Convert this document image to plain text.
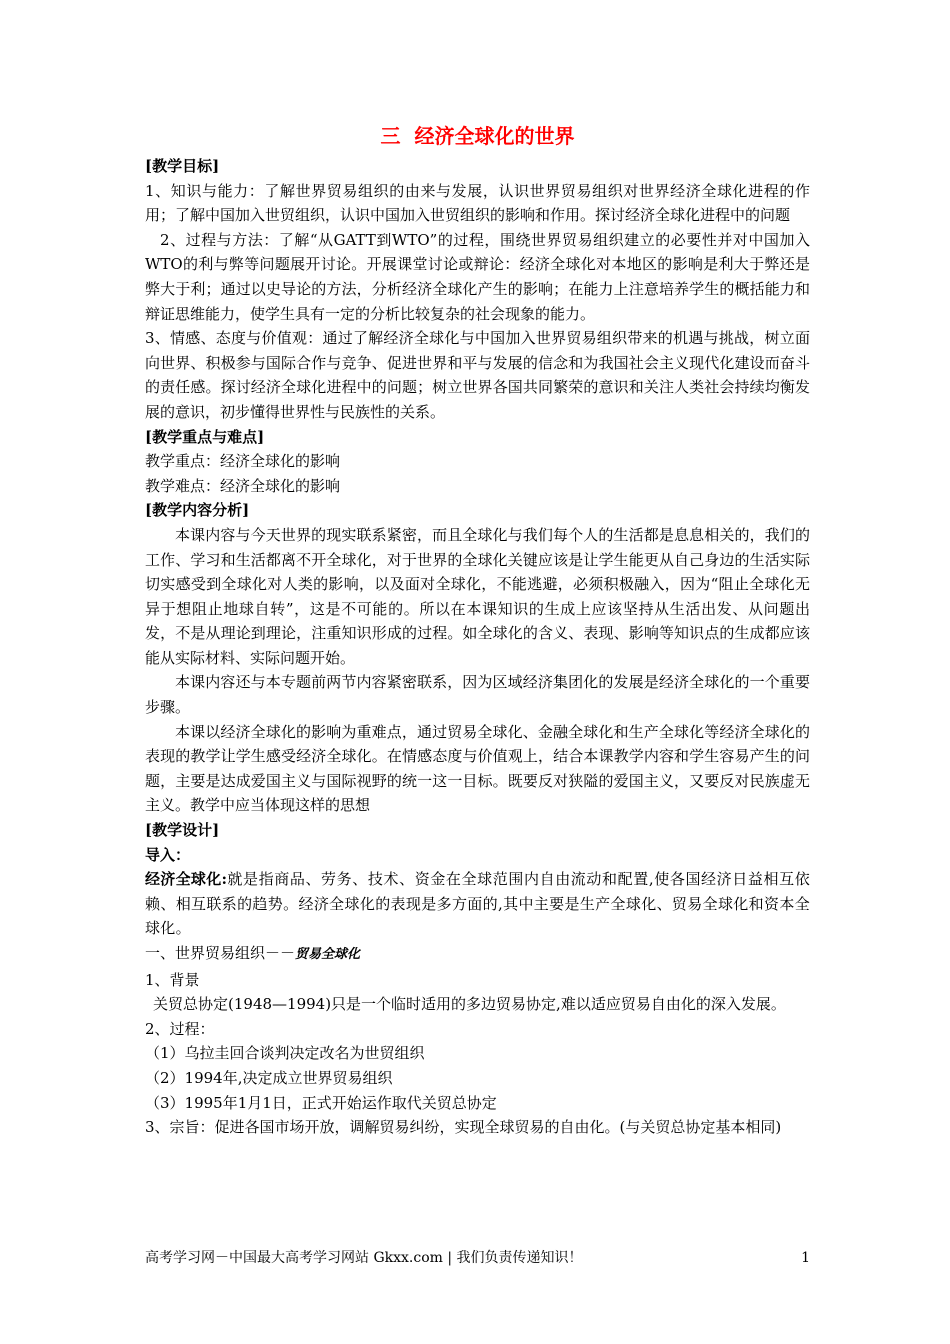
三 经济全球化的世界

[教学目标]

1、知识与能力：了解世界贸易组织的由来与发展，认识世界贸易组织对世界经济全球化进程的作用；了解中国加入世贸组织，认识中国加入世贸组织的影响和作用。探讨经济全球化进程中的问题

2、过程与方法：了解“从GATT到WTO”的过程，围绕世界贸易组织建立的必要性并对中国加入WTO的利与弊等问题展开讨论。开展课堂讨论或辩论：经济全球化对本地区的影响是利大于弊还是弊大于利；通过以史导论的方法，分析经济全球化产生的影响；在能力上注意培养学生的概括能力和辩证思维能力，使学生具有一定的分析比较复杂的社会现象的能力。

3、情感、态度与价值观：通过了解经济全球化与中国加入世界贸易组织带来的机遇与挑战，树立面向世界、积极参与国际合作与竞争、促进世界和平与发展的信念和为我国社会主义现代化建设而奋斗的责任感。探讨经济全球化进程中的问题；树立世界各国共同繁荣的意识和关注人类社会持续均衡发展的意识，初步懂得世界性与民族性的关系。

[教学重点与难点]

教学重点：经济全球化的影响

教学难点：经济全球化的影响

[教学内容分析]

本课内容与今天世界的现实联系紧密，而且全球化与我们每个人的生活都是息息相关的，我们的工作、学习和生活都离不开全球化，对于世界的全球化关键应该是让学生能更从自己身边的生活实际切实感受到全球化对人类的影响，以及面对全球化，不能逃避，必须积极融入，因为“阻止全球化无异于想阻止地球自转”，这是不可能的。所以在本课知识的生成上应该坚持从生活出发、从问题出发，不是从理论到理论，注重知识形成的过程。如全球化的含义、表现、影响等知识点的生成都应该能从实际材料、实际问题开始。

本课内容还与本专题前两节内容紧密联系，因为区域经济集团化的发展是经济全球化的一个重要步骤。

本课以经济全球化的影响为重难点，通过贸易全球化、金融全球化和生产全球化等经济全球化的表现的教学让学生感受经济全球化。在情感态度与价值观上，结合本课教学内容和学生容易产生的问题，主要是达成爱国主义与国际视野的统一这一目标。既要反对狭隘的爱国主义，又要反对民族虚无主义。教学中应当体现这样的思想

[教学设计]

导入：

经济全球化:就是指商品、劳务、技术、资金在全球范围内自由流动和配置,使各国经济日益相互依赖、相互联系的趋势。经济全球化的表现是多方面的,其中主要是生产全球化、贸易全球化和资本全球化。

一、世界贸易组织－－贸易全球化

1、背景

关贸总协定(1948—1994)只是一个临时适用的多边贸易协定,难以适应贸易自由化的深入发展。

2、过程：

（1）乌拉圭回合谈判决定改名为世贸组织

（2）1994年,决定成立世界贸易组织

（3）1995年1月1日，正式开始运作取代关贸总协定

3、宗旨：促进各国市场开放，调解贸易纠纷，实现全球贸易的自由化。(与关贸总协定基本相同)

高考学习网－中国最大高考学习网站 Gkxx.com | 我们负责传递知识！	1
